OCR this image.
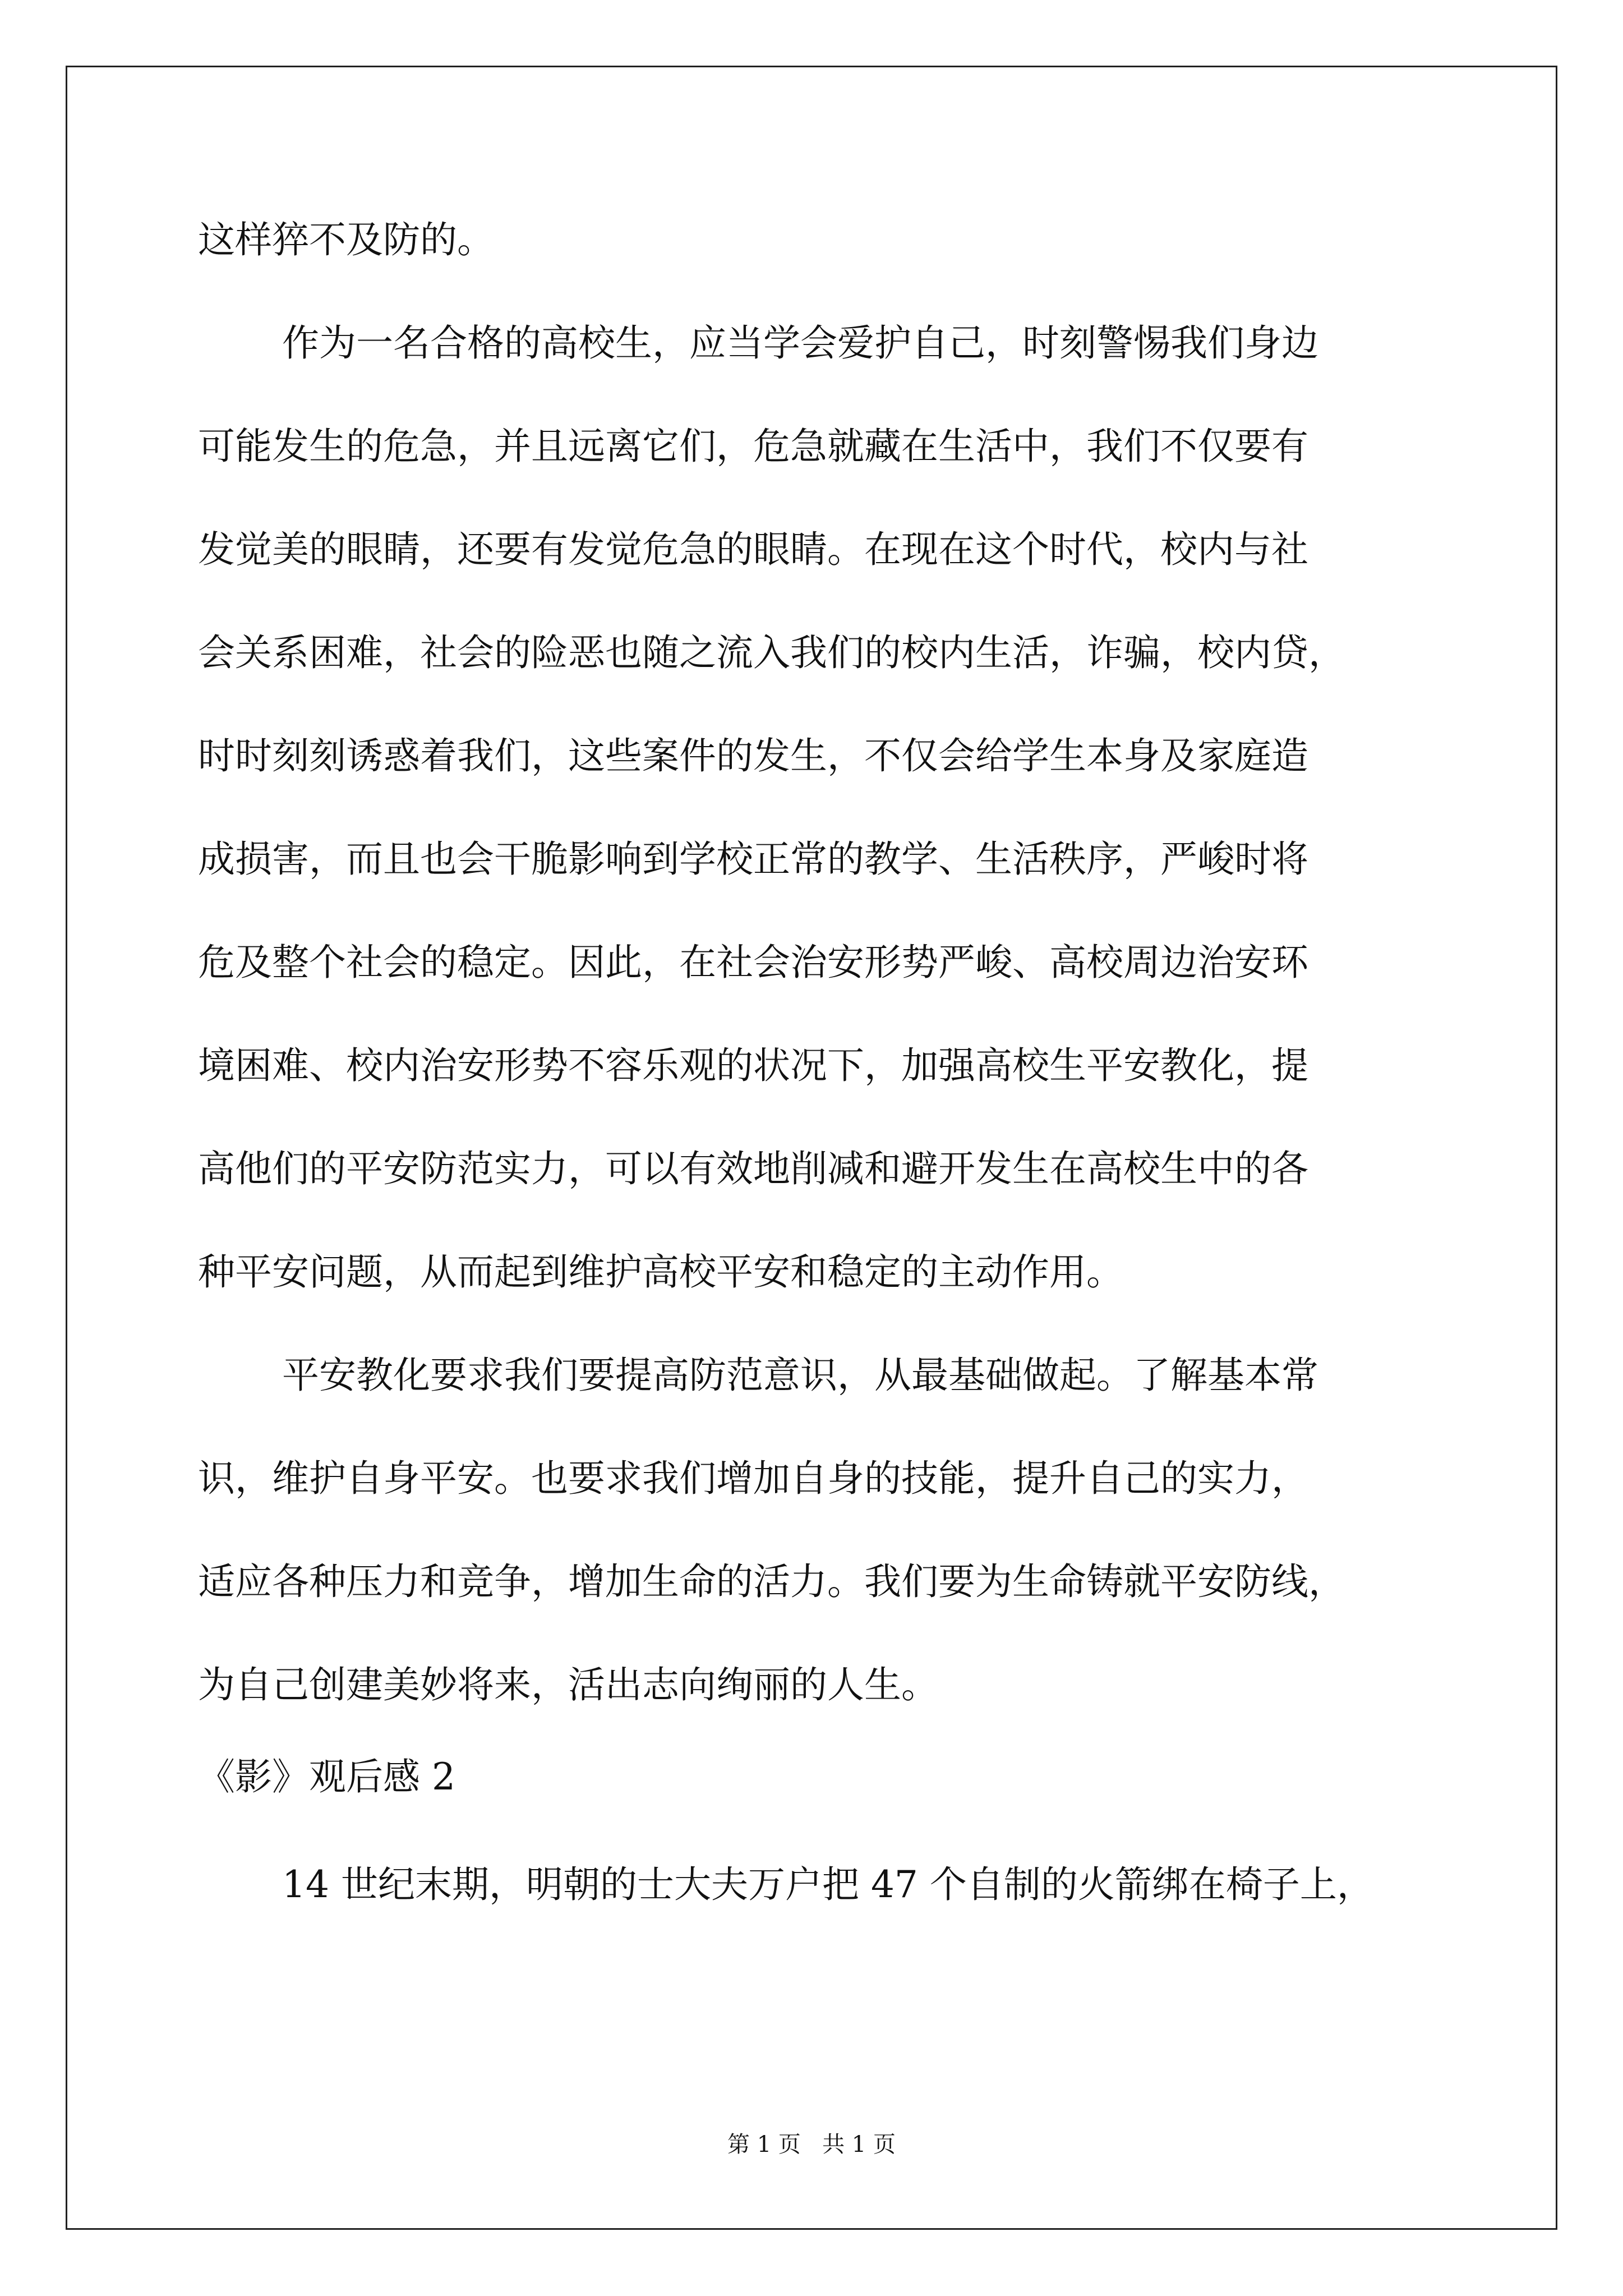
这样猝不及防的。
作为一名合格的高校生，应当学会爱护自己，时刻警惕我们身边
可能发生的危急，并且远离它们，危急就藏在生活中，我们不仅要有
发觉美的眼睛，还要有发觉危急的眼睛。在现在这个时代，校内与社
会关系困难，社会的险恶也随之流入我们的校内生活，诈骗，校内贷，
时时刻刻诱惑着我们，这些案件的发生，不仅会给学生本身及家庭造
成损害，而且也会干脆影响到学校正常的教学、生活秩序，严峻时将
危及整个社会的稳定。因此，在社会治安形势严峻、高校周边治安环
境困难、校内治安形势不容乐观的状况下，加强高校生平安教化，提
高他们的平安防范实力，可以有效地削减和避开发生在高校生中的各
种平安问题，从而起到维护高校平安和稳定的主动作用。
平安教化要求我们要提高防范意识，从最基础做起。了解基本常
识，维护自身平安。也要求我们增加自身的技能，提升自己的实力，
适应各种压力和竞争，增加生命的活力。我们要为生命铸就平安防线，
为自己创建美妙将来，活出志向绚丽的人生。
《影》观后感 2
14 世纪末期，明朝的士大夫万户把 47 个自制的火箭绑在椅子上，
第 1 页   共 1 页
